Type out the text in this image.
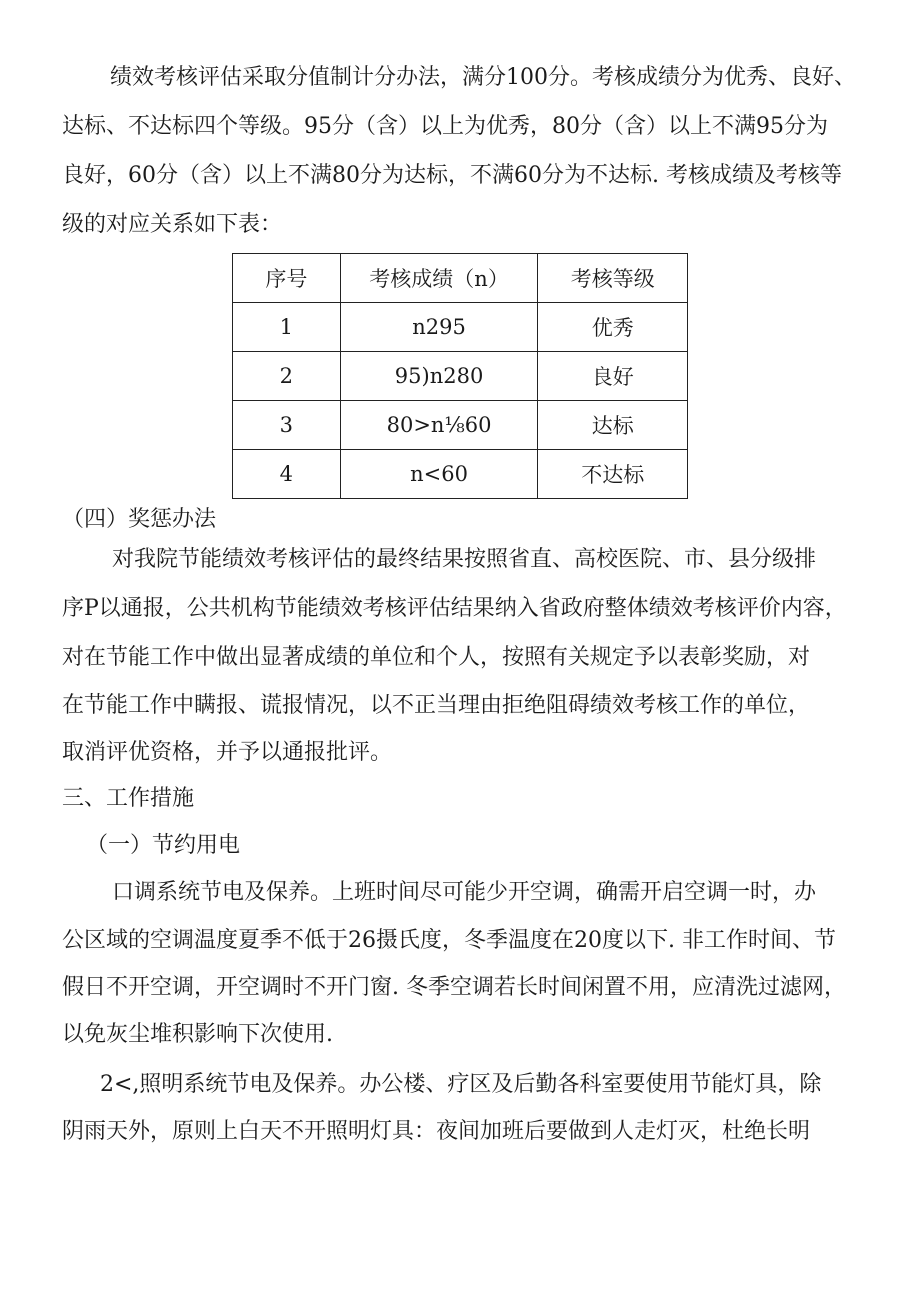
绩效考核评估采取分值制计分办法，满分100分。考核成绩分为优秀、良好、
达标、不达标四个等级。95分（含）以上为优秀，80分（含）以上不满95分为
良好，60分（含）以上不满80分为达标，不满60分为不达标. 考核成绩及考核等
级的对应关系如下表：
序号	考核成绩（n）	考核等级
1	n295	优秀
2	95)n280	良好
3	80>n⅛60	达标
4	n<60	不达标
（四）奖惩办法
对我院节能绩效考核评估的最终结果按照省直、高校医院、市、县分级排
序P以通报，公共机构节能绩效考核评估结果纳入省政府整体绩效考核评价内容，
对在节能工作中做出显著成绩的单位和个人，按照有关规定予以表彰奖励，对
在节能工作中瞒报、谎报情况，以不正当理由拒绝阻碍绩效考核工作的单位，
取消评优资格，并予以通报批评。
三、工作措施
（一）节约用电
口调系统节电及保养。上班时间尽可能少开空调，确需开启空调一时，办
公区域的空调温度夏季不低于26摄氏度，冬季温度在20度以下. 非工作时间、节
假日不开空调，开空调时不开门窗. 冬季空调若长时间闲置不用，应清洗过滤网，
以免灰尘堆积影响下次使用.
2<,照明系统节电及保养。办公楼、疗区及后勤各科室要使用节能灯具，除
阴雨天外，原则上白天不开照明灯具：夜间加班后要做到人走灯灭，杜绝长明
